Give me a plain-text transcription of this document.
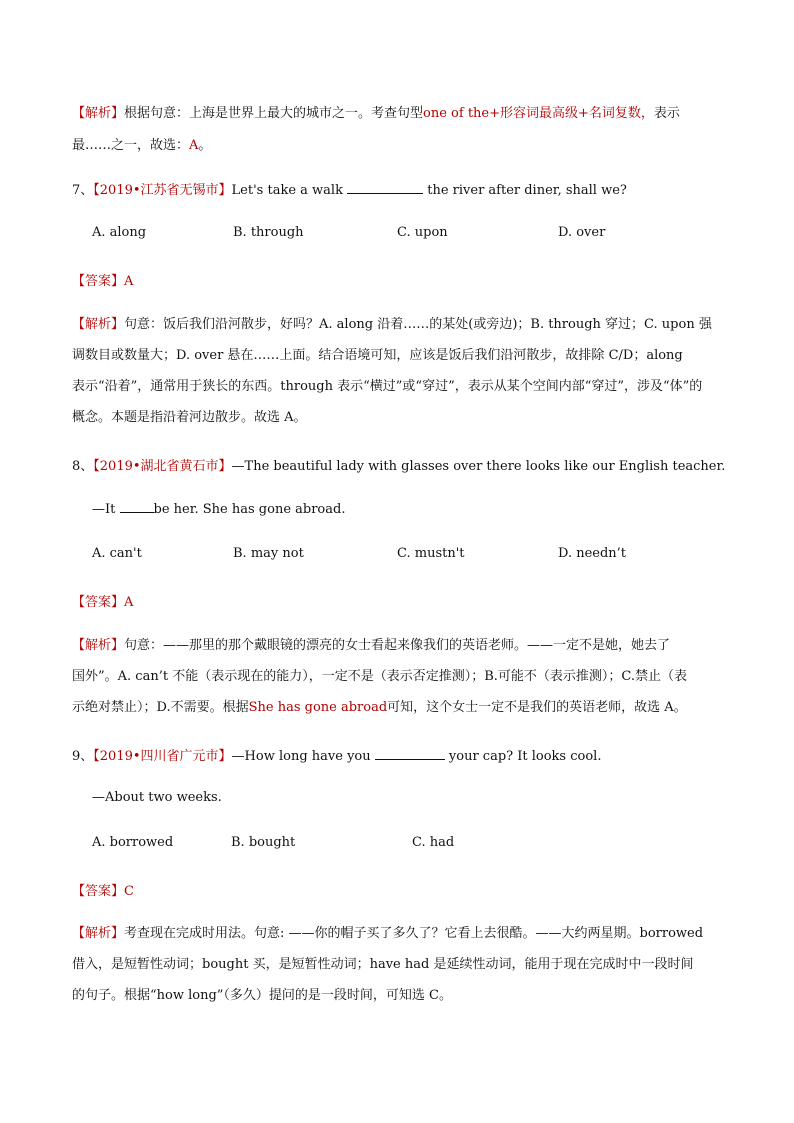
【解析】根据句意：上海是世界上最大的城市之一。考查句型one of the+形容词最高级+名词复数，表示
最……之一，故选：A。
7、【2019•江苏省无锡市】Let's take a walk	the river after diner, shall we?
A. along	B. through	C. upon	D. over
【答案】A
【解析】句意：饭后我们沿河散步，好吗？A. along 沿着……的某处(或旁边)；B. through 穿过；C. upon 强
调数目或数量大；D. over 悬在……上面。结合语境可知，应该是饭后我们沿河散步，故排除 C/D；along
表示“沿着”，通常用于狭长的东西。through 表示“横过”或“穿过”，表示从某个空间内部“穿过”，涉及“体”的
概念。本题是指沿着河边散步。故选 A。
8、【2019•湖北省黄石市】—The beautiful lady with glasses over there looks like our English teacher.
—It	be her. She has gone abroad.
A. can't	B. may not	C. mustn't	D. needn’t
【答案】A
【解析】句意：——那里的那个戴眼镜的漂亮的女士看起来像我们的英语老师。——一定不是她，她去了
国外”。A. can’t 不能（表示现在的能力），一定不是（表示否定推测）；B.可能不（表示推测）；C.禁止（表
示绝对禁止）；D.不需要。根据She has gone abroad可知，这个女士一定不是我们的英语老师，故选 A。
9、【2019•四川省广元市】—How long have you	your cap? It looks cool.
—About two weeks.
A. borrowed	B. bought	C. had
【答案】C
【解析】考查现在完成时用法。句意: ——你的帽子买了多久了？它看上去很酷。——大约两星期。borrowed
借入，是短暂性动词；bought 买，是短暂性动词；have had 是延续性动词，能用于现在完成时中一段时间
的句子。根据“how long”（多久）提问的是一段时间，可知选 C。
